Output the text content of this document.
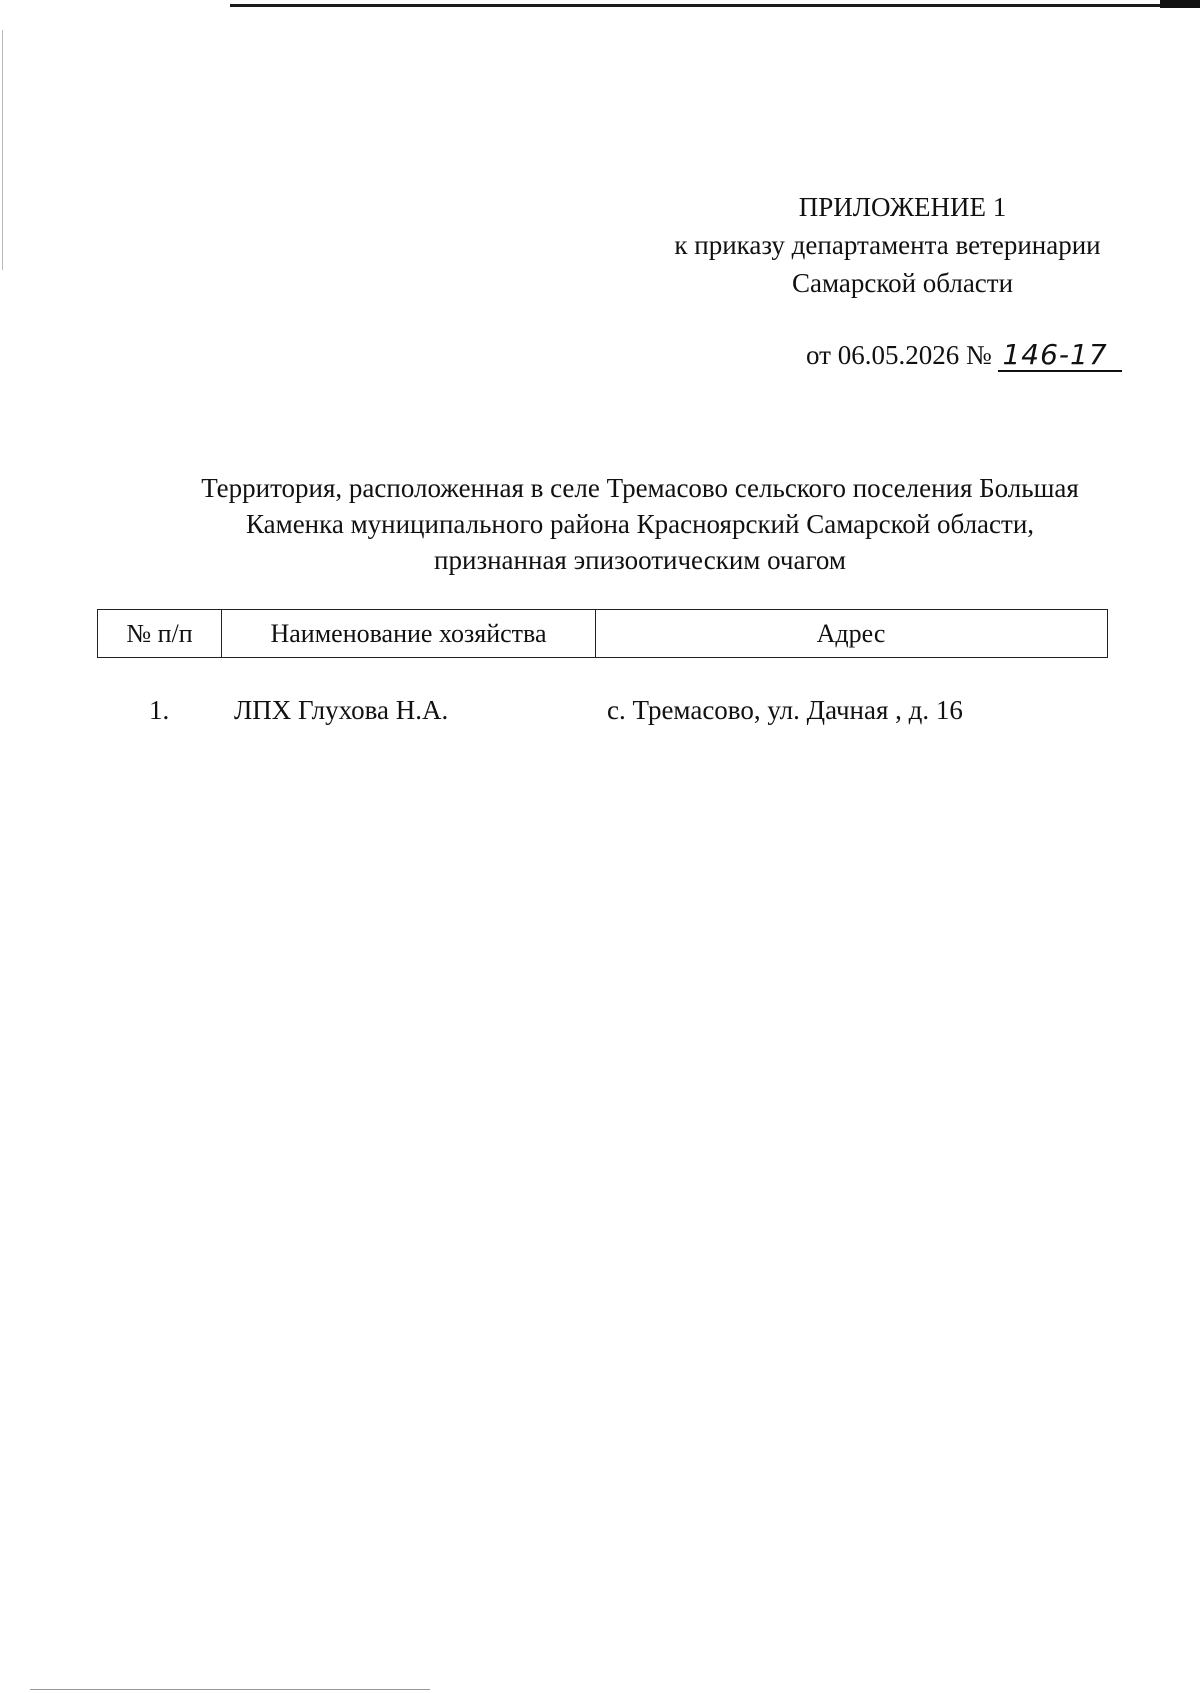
ПРИЛОЖЕНИЕ 1
к приказу департамента ветеринарии
Самарской области
от 06.05.2026 № 146-17
Территория, расположенная в селе Тремасово сельского поселения Большая
Каменка муниципального района Красноярский Самарской области,
признанная эпизоотическим очагом
№ п/п	Наименование хозяйства	Адрес
1. ЛПХ Глухова Н.А.	с. Тремасово, ул. Дачная , д. 16
